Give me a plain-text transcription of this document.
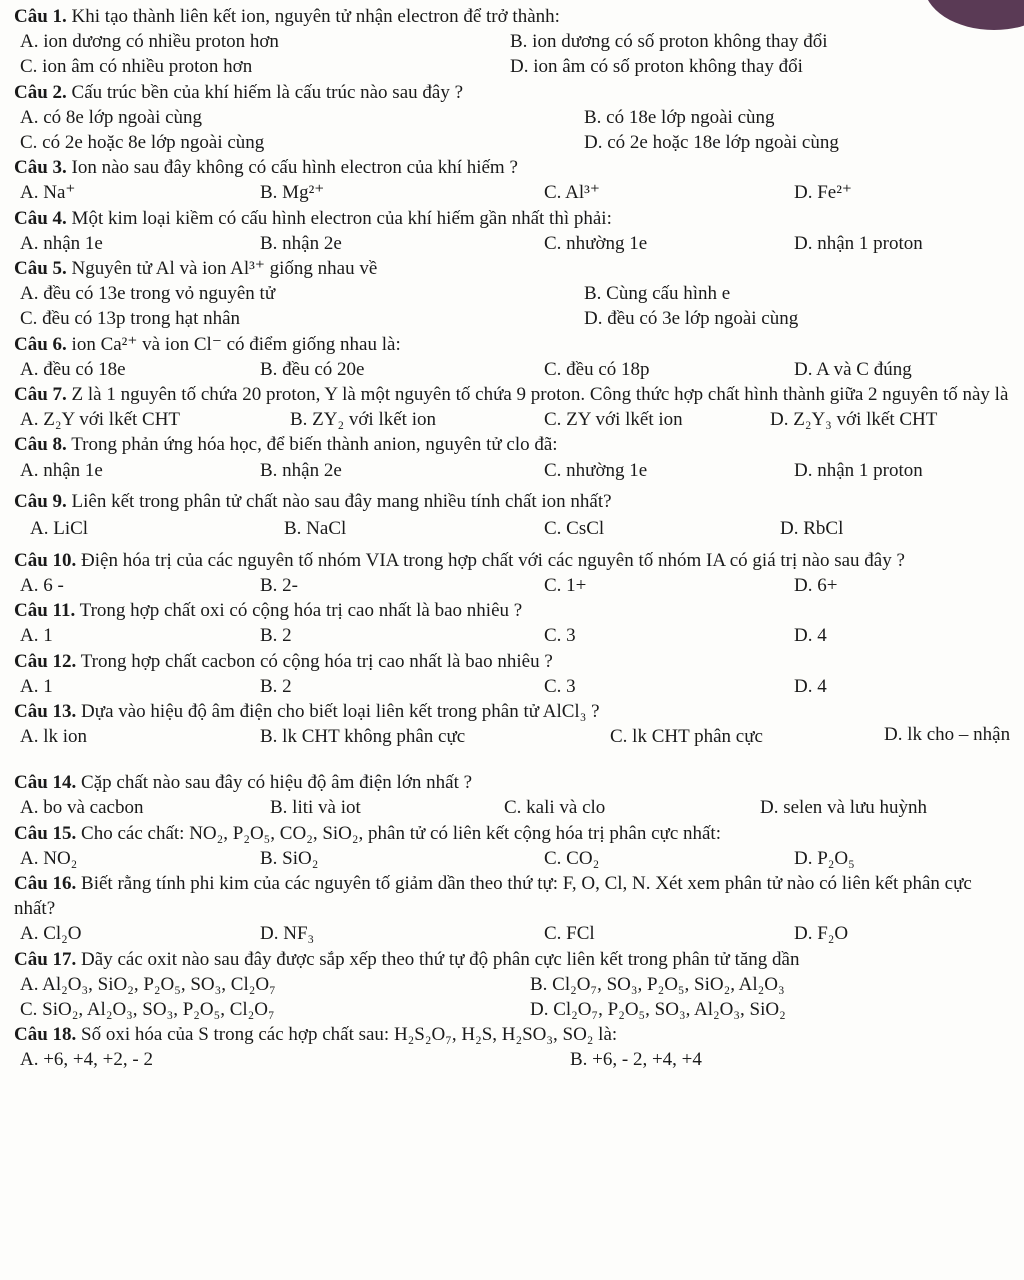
Câu 1. Khi tạo thành liên kết ion, nguyên tử nhận electron để trở thành:
A. ion dương có nhiều proton hơn	B. ion dương có số proton không thay đổi
C. ion âm có nhiều proton hơn	D. ion âm có số proton không thay đổi
Câu 2. Cấu trúc bền của khí hiếm là cấu trúc nào sau đây ?
A. có 8e lớp ngoài cùng	B. có 18e lớp ngoài cùng
C. có 2e hoặc 8e lớp ngoài cùng	D. có 2e hoặc 18e lớp ngoài cùng
Câu 3. Ion nào sau đây không có cấu hình electron của khí hiếm ?
A. Na⁺	B. Mg²⁺	C. Al³⁺	D. Fe²⁺
Câu 4. Một kim loại kiềm có cấu hình electron của khí hiếm gần nhất thì phải:
A. nhận 1e	B. nhận 2e	C. nhường 1e	D. nhận 1 proton
Câu 5. Nguyên tử Al và ion Al³⁺ giống nhau về
A. đều có 13e trong vỏ nguyên tử	B. Cùng cấu hình e
C. đều có 13p trong hạt nhân	D. đều có 3e lớp ngoài cùng
Câu 6. ion Ca²⁺ và ion Cl⁻ có điểm giống nhau là:
A. đều có 18e	B. đều có 20e	C. đều có 18p	D. A và C đúng
Câu 7. Z là 1 nguyên tố chứa 20 proton, Y là một nguyên tố chứa 9 proton. Công thức hợp chất hình thành giữa 2 nguyên tố này là
A. Z₂Y với lkết CHT	B. ZY₂ với lkết ion	C. ZY với lkết ion	D. Z₂Y₃ với lkết CHT
Câu 8. Trong phản ứng hóa học, để biến thành anion, nguyên tử clo đã:
A. nhận 1e	B. nhận 2e	C. nhường 1e	D. nhận 1 proton
Câu 9. Liên kết trong phân tử chất nào sau đây mang nhiều tính chất ion nhất?
A. LiCl	B. NaCl	C. CsCl	D. RbCl
Câu 10. Điện hóa trị của các nguyên tố nhóm VIA trong hợp chất với các nguyên tố nhóm IA có giá trị nào sau đây ?
A. 6 -	B. 2-	C. 1+	D. 6+
Câu 11. Trong hợp chất oxi có cộng hóa trị cao nhất là bao nhiêu ?
A. 1	B. 2	C. 3	D. 4
Câu 12. Trong hợp chất cacbon có cộng hóa trị cao nhất là bao nhiêu ?
A. 1	B. 2	C. 3	D. 4
Câu 13. Dựa vào hiệu độ âm điện cho biết loại liên kết trong phân tử AlCl₃ ?
A. lk ion	B. lk CHT không phân cực	C. lk CHT phân cực	D. lk cho – nhận
Câu 14. Cặp chất nào sau đây có hiệu độ âm điện lớn nhất ?
A. bo và cacbon	B. liti và iot	C. kali và clo	D. selen và lưu huỳnh
Câu 15. Cho các chất: NO₂, P₂O₅, CO₂, SiO₂, phân tử có liên kết cộng hóa trị phân cực nhất:
A. NO₂	B. SiO₂	C. CO₂	D. P₂O₅
Câu 16. Biết rằng tính phi kim của các nguyên tố giảm dần theo thứ tự: F, O, Cl, N. Xét xem phân tử nào có liên kết phân cực nhất?
A. Cl₂O	D. NF₃	C. FCl	D. F₂O
Câu 17. Dãy các oxit nào sau đây được sắp xếp theo thứ tự độ phân cực liên kết trong phân tử tăng dần
A. Al₂O₃, SiO₂, P₂O₅, SO₃, Cl₂O₇	B. Cl₂O₇, SO₃, P₂O₅, SiO₂, Al₂O₃
C. SiO₂, Al₂O₃, SO₃, P₂O₅, Cl₂O₇	D. Cl₂O₇, P₂O₅, SO₃, Al₂O₃, SiO₂
Câu 18. Số oxi hóa của S trong các hợp chất sau: H₂S₂O₇, H₂S, H₂SO₃, SO₂ là:
A. +6, +4, +2, - 2	B. +6, - 2, +4, +4
